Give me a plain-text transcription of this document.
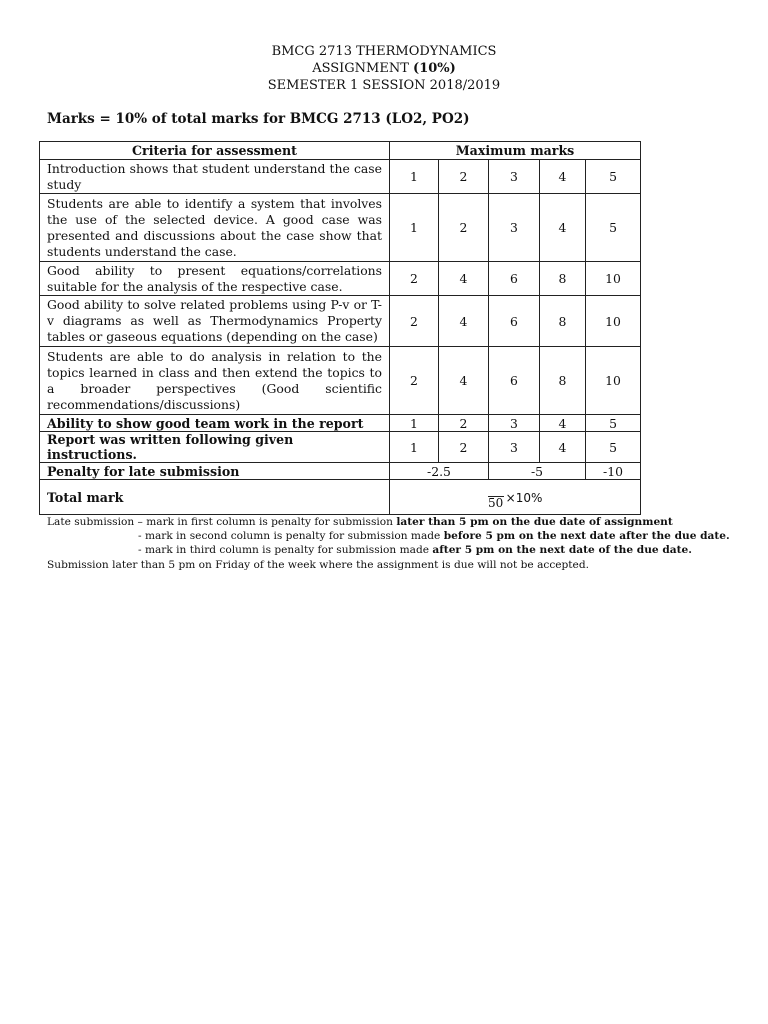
BMCG 2713 THERMODYNAMICS
ASSIGNMENT (10%)
SEMESTER 1 SESSION 2018/2019
Marks = 10% of total marks for BMCG 2713 (LO2, PO2)
Criteria for assessment	Maximum marks				
Introduction shows that student understand the case study	1	2	3	4	5
Students are able to identify a system that involves the use of the selected device. A good case was presented and discussions about the case show that students understand the case.	1	2	3	4	5
Good ability to present equations/correlations suitable for the analysis of the respective case.	2	4	6	8	10
Good ability to solve related problems using P-v or T-v diagrams as well as Thermodynamics Property tables or gaseous equations (depending on the case)	2	4	6	8	10
Students are able to do analysis in relation to the topics learned in class and then extend the topics to a broader perspectives (Good scientific recommendations/discussions)	2	4	6	8	10
Ability to show good team work in the report	1	2	3	4	5
Report was written following given instructions.	1	2	3	4	5
Penalty for late submission	-2.5		-5		-10
Total mark	50 ×10%				
Late submission – mark in first column is penalty for submission later than 5 pm on the due date of assignment
- mark in second column is penalty for submission made before 5 pm on the next date after the due date.
- mark in third column is penalty for submission made after 5 pm on the next date of the due date.
Submission later than 5 pm on Friday of the week where the assignment is due will not be accepted.
